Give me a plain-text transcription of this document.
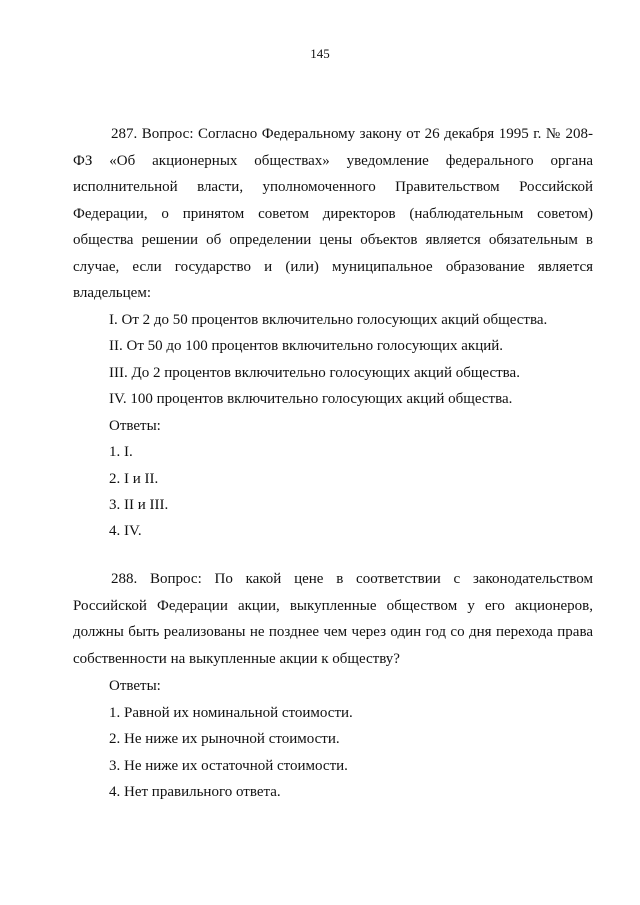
145
287. Вопрос: Согласно Федеральному закону от 26 декабря 1995 г. № 208-ФЗ «Об акционерных обществах» уведомление федерального органа исполнительной власти, уполномоченного Правительством Российской Федерации, о принятом советом директоров (наблюдательным советом) общества решении об определении цены объектов является обязательным в случае, если государство и (или) муниципальное образование является владельцем:
I. От 2 до 50 процентов включительно голосующих акций общества.
II. От 50 до 100 процентов включительно голосующих акций.
III. До 2 процентов включительно голосующих акций общества.
IV. 100 процентов включительно голосующих акций общества.
Ответы:
1. I.
2. I и II.
3. II и III.
4. IV.
288. Вопрос: По какой цене в соответствии с законодательством Российской Федерации акции, выкупленные обществом у его акционеров, должны быть реализованы не позднее чем через один год со дня перехода права собственности на выкупленные акции к обществу?
Ответы:
1. Равной их номинальной стоимости.
2. Не ниже их рыночной стоимости.
3. Не ниже их остаточной стоимости.
4. Нет правильного ответа.
